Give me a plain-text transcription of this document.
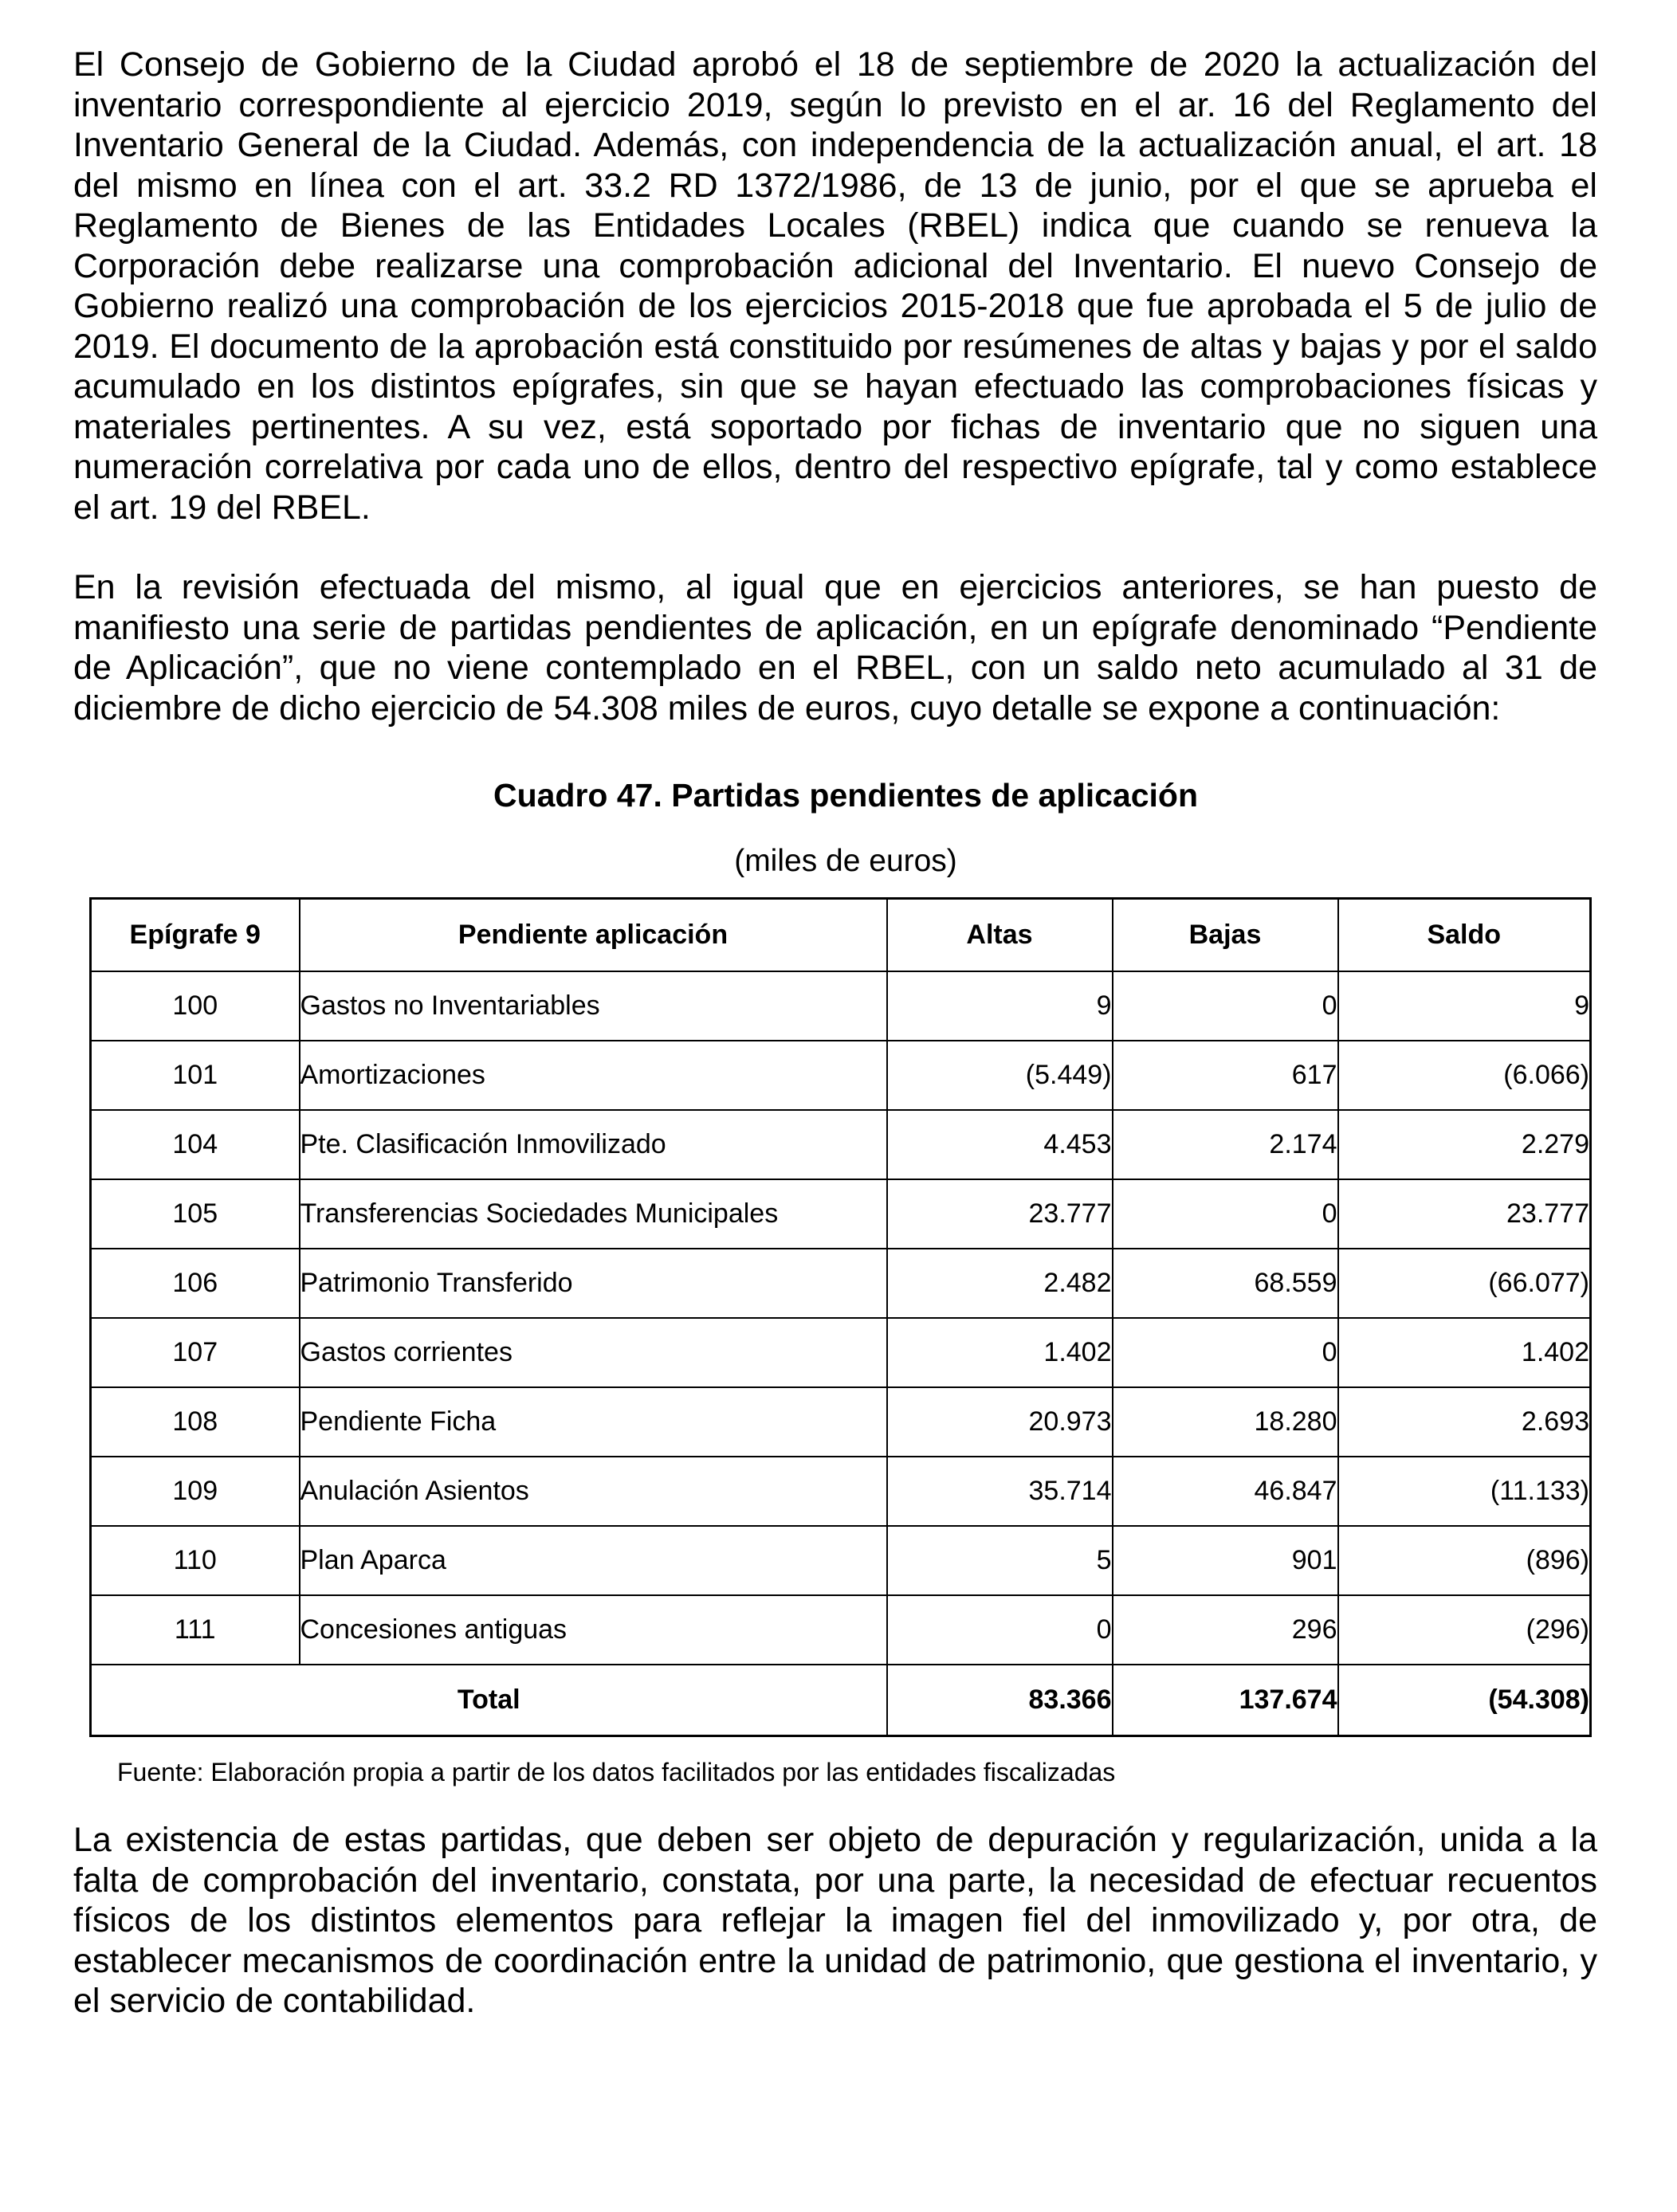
El Consejo de Gobierno de la Ciudad aprobó el 18 de septiembre de 2020 la actualización del inventario correspondiente al ejercicio 2019, según lo previsto en el ar. 16 del Reglamento del Inventario General de la Ciudad. Además, con independencia de la actualización anual, el art. 18 del mismo en línea con el art. 33.2 RD 1372/1986, de 13 de junio, por el que se aprueba el Reglamento de Bienes de las Entidades Locales (RBEL) indica que cuando se renueva la Corporación debe realizarse una comprobación adicional del Inventario. El nuevo Consejo de Gobierno realizó una comprobación de los ejercicios 2015-2018 que fue aprobada el 5 de julio de 2019. El documento de la aprobación está constituido por resúmenes de altas y bajas y por el saldo acumulado en los distintos epígrafes, sin que se hayan efectuado las comprobaciones físicas y materiales pertinentes. A su vez, está soportado por fichas de inventario que no siguen una numeración correlativa por cada uno de ellos, dentro del respectivo epígrafe, tal y como establece el art. 19 del RBEL.

En la revisión efectuada del mismo, al igual que en ejercicios anteriores, se han puesto de manifiesto una serie de partidas pendientes de aplicación, en un epígrafe denominado “Pendiente de Aplicación”, que no viene contemplado en el RBEL, con un saldo neto acumulado al 31 de diciembre de dicho ejercicio de 54.308 miles de euros, cuyo detalle se expone a continuación:

Cuadro 47. Partidas pendientes de aplicación
(miles de euros)
Epígrafe 9	Pendiente aplicación	Altas	Bajas	Saldo
100	Gastos no Inventariables	9	0	9
101	Amortizaciones	(5.449)	617	(6.066)
104	Pte. Clasificación Inmovilizado	4.453	2.174	2.279
105	Transferencias Sociedades Municipales	23.777	0	23.777
106	Patrimonio Transferido	2.482	68.559	(66.077)
107	Gastos corrientes	1.402	0	1.402
108	Pendiente Ficha	20.973	18.280	2.693
109	Anulación Asientos	35.714	46.847	(11.133)
110	Plan Aparca	5	901	(896)
111	Concesiones antiguas	0	296	(296)
Total		83.366	137.674	(54.308)
Fuente: Elaboración propia a partir de los datos facilitados por las entidades fiscalizadas

La existencia de estas partidas, que deben ser objeto de depuración y regularización, unida a la falta de comprobación del inventario, constata, por una parte, la necesidad de efectuar recuentos físicos de los distintos elementos para reflejar la imagen fiel del inmovilizado y, por otra, de establecer mecanismos de coordinación entre la unidad de patrimonio, que gestiona el inventario, y el servicio de contabilidad.
